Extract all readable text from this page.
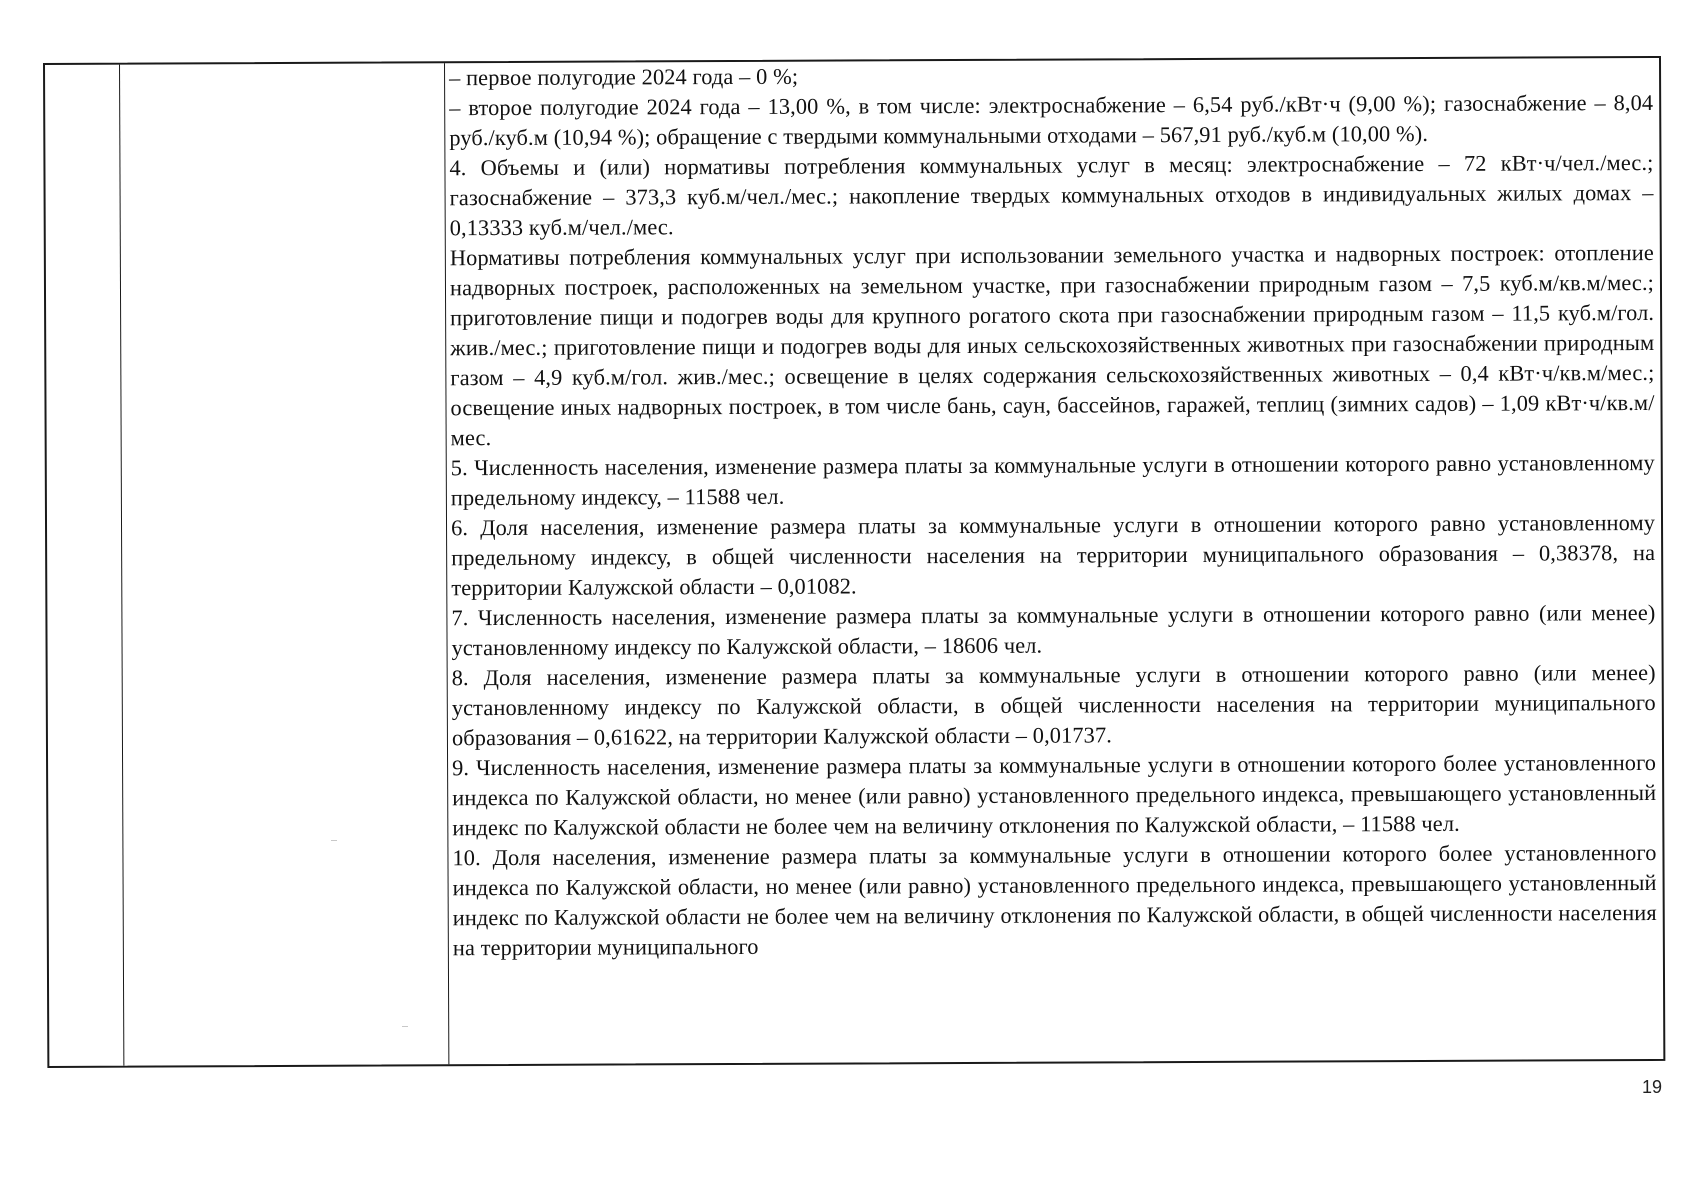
– первое полугодие 2024 года – 0 %;

– второе полугодие 2024 года – 13,00 %, в том числе: электроснабжение – 6,54 руб./кВт·ч (9,00 %); газоснабжение – 8,04 руб./куб.м (10,94 %); обращение с твердыми коммунальными отходами – 567,91 руб./куб.м (10,00 %).

4. Объемы и (или) нормативы потребления коммунальных услуг в месяц: электроснабжение – 72 кВт·ч/чел./мес.; газоснабжение – 373,3 куб.м/чел./мес.; накопление твердых коммунальных отходов в индивидуальных жилых домах – 0,13333 куб.м/чел./мес.

Нормативы потребления коммунальных услуг при использовании земельного участка и надворных построек: отопление надворных построек, расположенных на земельном участке, при газоснабжении природным газом – 7,5 куб.м/кв.м/мес.; приготовление пищи и подогрев воды для крупного рогатого скота при газоснабжении природным газом – 11,5 куб.м/гол. жив./мес.; приготовление пищи и подогрев воды для иных сельскохозяйственных животных при газоснабжении природным газом – 4,9 куб.м/гол. жив./мес.; освещение в целях содержания сельскохозяйственных животных – 0,4 кВт·ч/кв.м/мес.; освещение иных надворных построек, в том числе бань, саун, бассейнов, гаражей, теплиц (зимних садов) – 1,09 кВт·ч/кв.м/мес.

5. Численность населения, изменение размера платы за коммунальные услуги в отношении которого равно установленному предельному индексу, – 11588 чел.

6. Доля населения, изменение размера платы за коммунальные услуги в отношении которого равно установленному предельному индексу, в общей численности населения на территории муниципального образования – 0,38378, на территории Калужской области – 0,01082.

7. Численность населения, изменение размера платы за коммунальные услуги в отношении которого равно (или менее) установленному индексу по Калужской области, – 18606 чел.

8. Доля населения, изменение размера платы за коммунальные услуги в отношении которого равно (или менее) установленному индексу по Калужской области, в общей численности населения на территории муниципального образования – 0,61622, на территории Калужской области – 0,01737.

9. Численность населения, изменение размера платы за коммунальные услуги в отношении которого более установленного индекса по Калужской области, но менее (или равно) установленного предельного индекса, превышающего установленный индекс по Калужской области не более чем на величину отклонения по Калужской области, – 11588 чел.

10. Доля населения, изменение размера платы за коммунальные услуги в отношении которого более установленного индекса по Калужской области, но менее (или равно) установленного предельного индекса, превышающего установленный индекс по Калужской области не более чем на величину отклонения по Калужской области, в общей численности населения на территории муниципального

19
